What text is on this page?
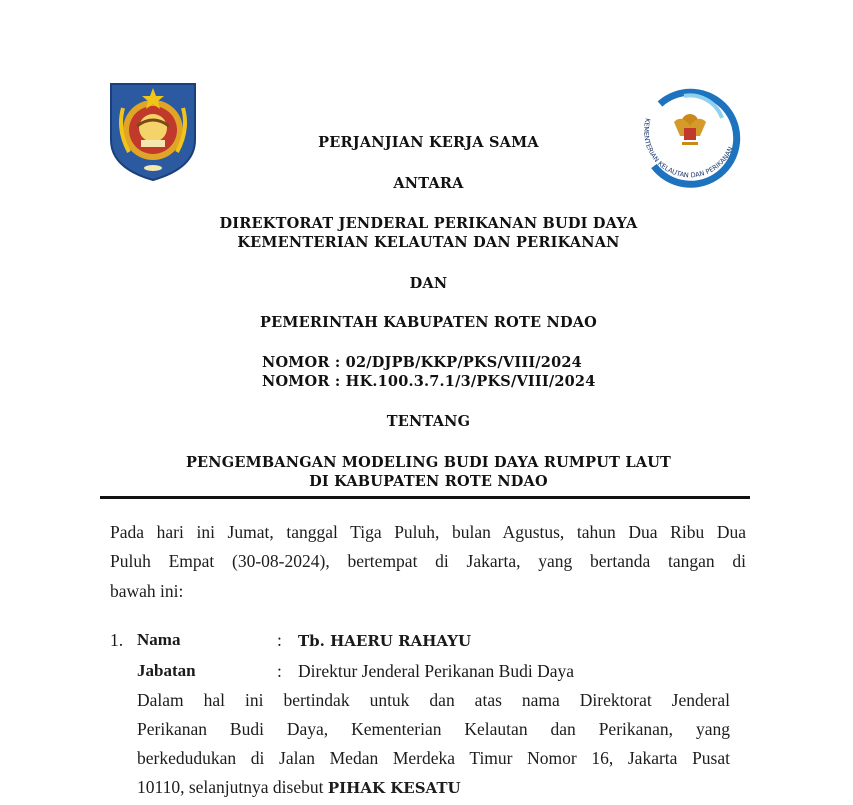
KEMENTERIAN KELAUTAN DAN PERIKANAN
PERJANJIAN KERJA SAMA
ANTARA
DIREKTORAT JENDERAL PERIKANAN BUDI DAYA
KEMENTERIAN KELAUTAN DAN PERIKANAN
DAN
PEMERINTAH KABUPATEN ROTE NDAO
NOMOR : 02/DJPB/KKP/PKS/VIII/2024
NOMOR : HK.100.3.7.1/3/PKS/VIII/2024
TENTANG
PENGEMBANGAN MODELING BUDI DAYA RUMPUT LAUT
DI KABUPATEN ROTE NDAO
Pada hari ini Jumat, tanggal Tiga Puluh, bulan Agustus, tahun Dua Ribu Dua
Puluh Empat (30-08-2024), bertempat di Jakarta, yang bertanda tangan di
bawah ini:
1. Nama	: Tb. HAERU RAHAYU
Jabatan	: Direktur Jenderal Perikanan Budi Daya
Dalam hal ini bertindak untuk dan atas nama Direktorat Jenderal
Perikanan Budi Daya, Kementerian Kelautan dan Perikanan, yang
berkedudukan di Jalan Medan Merdeka Timur Nomor 16, Jakarta Pusat
10110, selanjutnya disebut PIHAK KESATU
